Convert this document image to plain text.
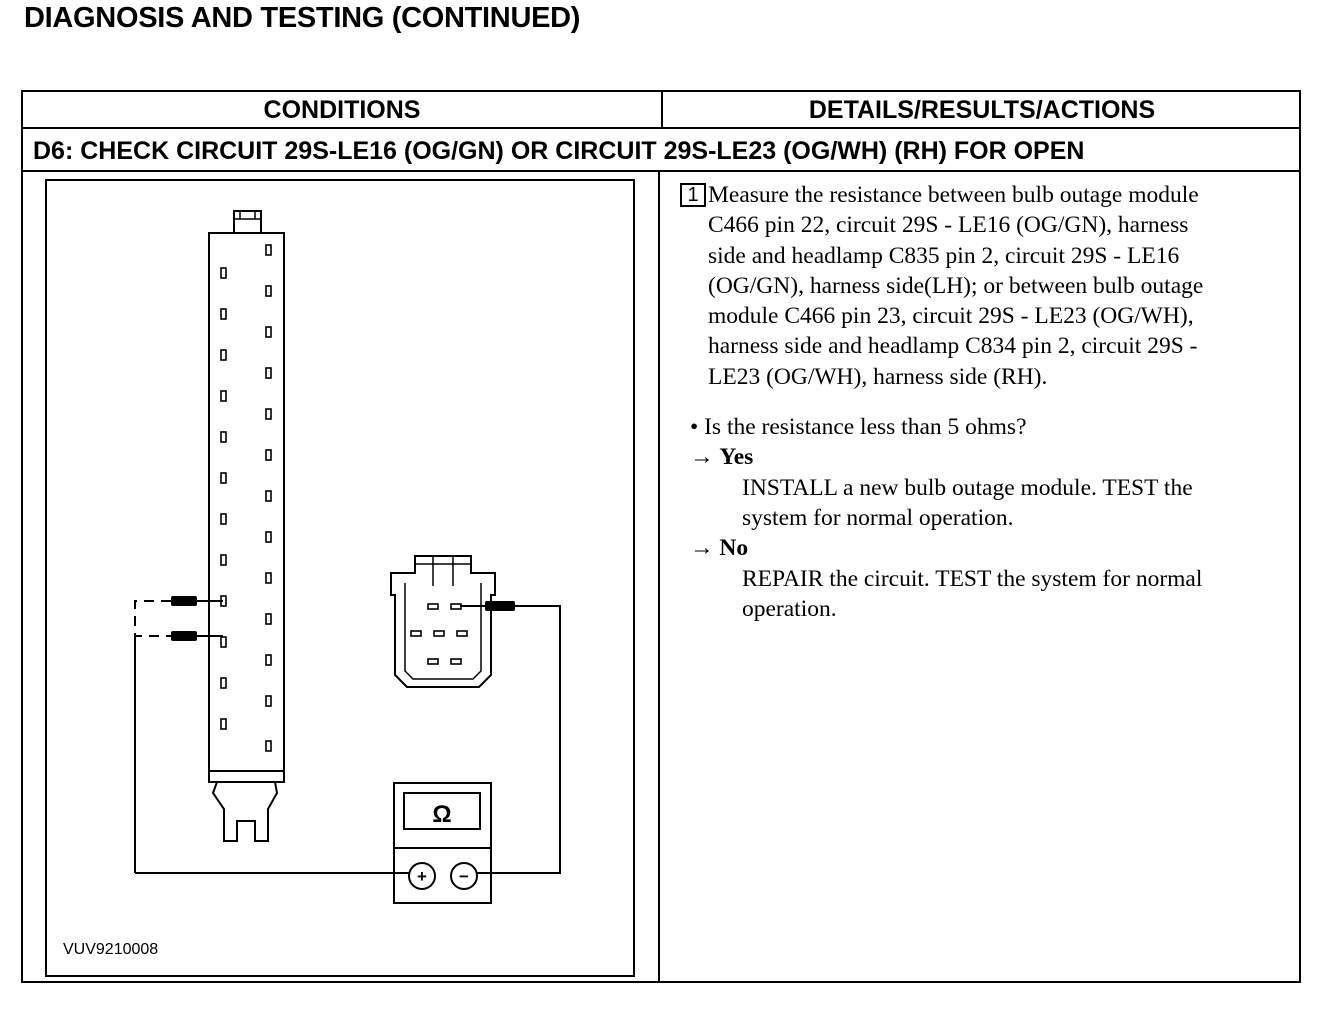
DIAGNOSIS AND TESTING (CONTINUED)
CONDITIONS	DETAILS/RESULTS/ACTIONS
D6: CHECK CIRCUIT 29S-LE16 (OG/GN) OR CIRCUIT 29S-LE23 (OG/WH) (RH) FOR OPEN
Ω
+ −
VUV9210008
1 Measure the resistance between bulb outage module
C466 pin 22, circuit 29S - LE16 (OG/GN), harness
side and headlamp C835 pin 2, circuit 29S - LE16
(OG/GN), harness side(LH); or between bulb outage
module C466 pin 23, circuit 29S - LE23 (OG/WH),
harness side and headlamp C834 pin 2, circuit 29S -
LE23 (OG/WH), harness side (RH).
• Is the resistance less than 5 ohms?
→ Yes
INSTALL a new bulb outage module. TEST the
system for normal operation.
→ No
REPAIR the circuit. TEST the system for normal
operation.
